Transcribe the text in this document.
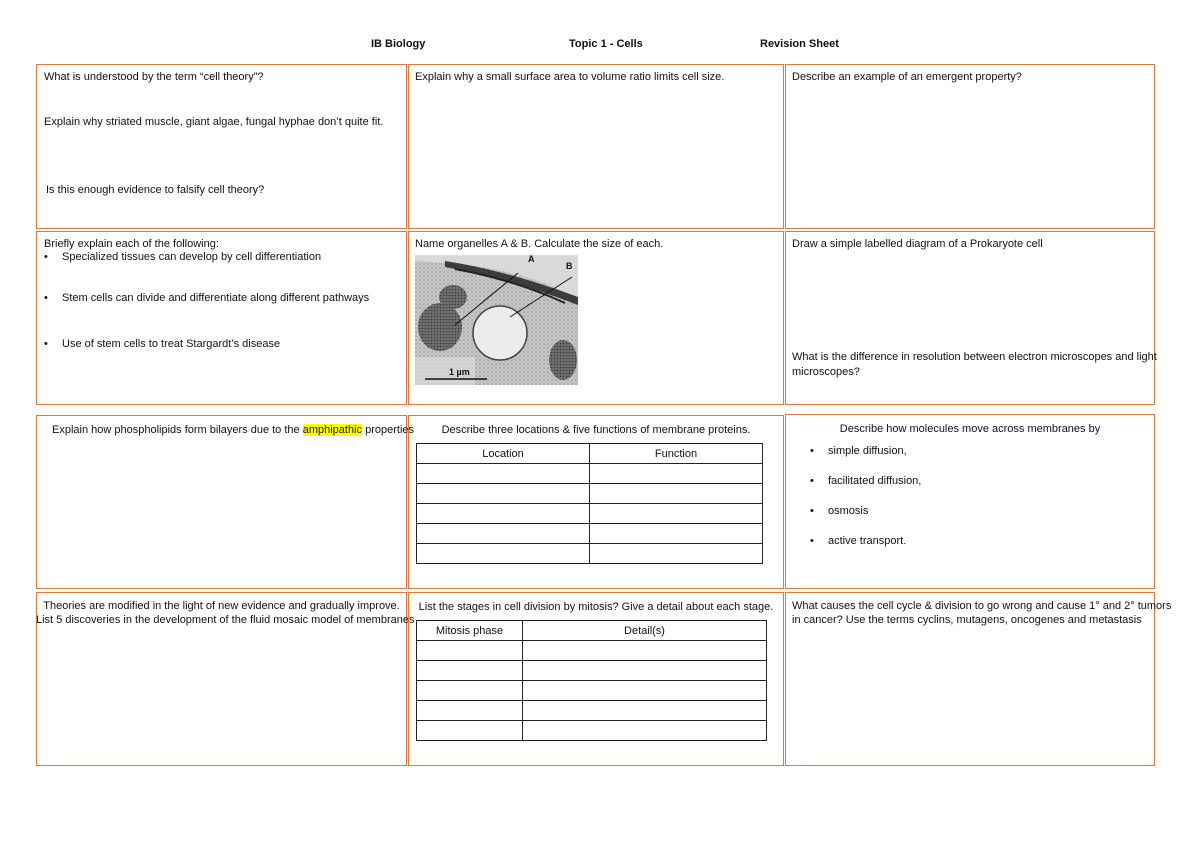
IB Biology	Topic 1 - Cells	Revision Sheet
What is understood by the term “cell theory”?
Explain why striated muscle, giant algae, fungal hyphae don’t quite fit.
Is this enough evidence to falsify cell theory?
Explain why a small surface area to volume ratio limits cell size.	Describe an example of an emergent property?
Briefly explain each of the following:
• Specialized tissues can develop by cell differentiation
• Stem cells can divide and differentiate along different pathways
• Use of stem cells to treat Stargardt’s disease
Name organelles A & B. Calculate the size of each.
A
B
1 µm
Draw a simple labelled diagram of a Prokaryote cell
What is the difference in resolution between electron microscopes and light
microscopes?
Explain how phospholipids form bilayers due to the amphipathic properties	Describe three locations & five functions of membrane proteins.
Location	Function

Describe how molecules move across membranes by
• simple diffusion,
• facilitated diffusion,
• osmosis
• active transport.
Theories are modified in the light of new evidence and gradually improve.
List 5 discoveries in the development of the fluid mosaic model of membranes
List the stages in cell division by mitosis? Give a detail about each stage.
Mitosis phase	Detail(s)

What causes the cell cycle & division to go wrong and cause 1° and 2° tumors
in cancer? Use the terms cyclins, mutagens, oncogenes and metastasis
